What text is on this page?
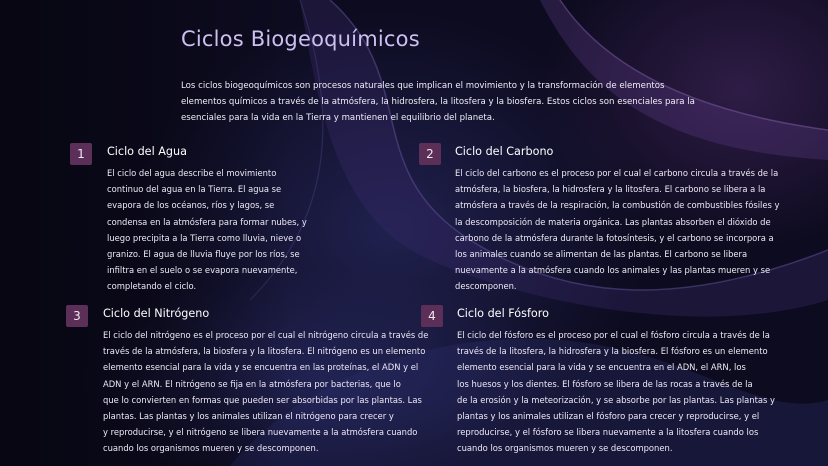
Ciclos Biogeoquímicos

Los ciclos biogeoquímicos son procesos naturales que implican el movimiento y la transformación de elementos
elementos químicos a través de la atmósfera, la hidrosfera, la litosfera y la biosfera. Estos ciclos son esenciales para la
esenciales para la vida en la Tierra y mantienen el equilibrio del planeta.

1	Ciclo del Agua

El ciclo del agua describe el movimiento
continuo del agua en la Tierra. El agua se
evapora de los océanos, ríos y lagos, se
condensa en la atmósfera para formar nubes, y
luego precipita a la Tierra como lluvia, nieve o
granizo. El agua de lluvia fluye por los ríos, se
infiltra en el suelo o se evapora nuevamente,
completando el ciclo.

2	Ciclo del Carbono

El ciclo del carbono es el proceso por el cual el carbono circula a través de la
atmósfera, la biosfera, la hidrosfera y la litosfera. El carbono se libera a la
atmósfera a través de la respiración, la combustión de combustibles fósiles y
la descomposición de materia orgánica. Las plantas absorben el dióxido de
carbono de la atmósfera durante la fotosíntesis, y el carbono se incorpora a
los animales cuando se alimentan de las plantas. El carbono se libera
nuevamente a la atmósfera cuando los animales y las plantas mueren y se
descomponen.

3	Ciclo del Nitrógeno

El ciclo del nitrógeno es el proceso por el cual el nitrógeno circula a través de
través de la atmósfera, la biosfera y la litosfera. El nitrógeno es un elemento
elemento esencial para la vida y se encuentra en las proteínas, el ADN y el
ADN y el ARN. El nitrógeno se fija en la atmósfera por bacterias, que lo
que lo convierten en formas que pueden ser absorbidas por las plantas. Las
plantas. Las plantas y los animales utilizan el nitrógeno para crecer y
y reproducirse, y el nitrógeno se libera nuevamente a la atmósfera cuando
cuando los organismos mueren y se descomponen.

4	Ciclo del Fósforo

El ciclo del fósforo es el proceso por el cual el fósforo circula a través de la
través de la litosfera, la hidrosfera y la biosfera. El fósforo es un elemento
elemento esencial para la vida y se encuentra en el ADN, el ARN, los
los huesos y los dientes. El fósforo se libera de las rocas a través de la
de la erosión y la meteorización, y se absorbe por las plantas. Las plantas y
plantas y los animales utilizan el fósforo para crecer y reproducirse, y el
reproducirse, y el fósforo se libera nuevamente a la litosfera cuando los
cuando los organismos mueren y se descomponen.
